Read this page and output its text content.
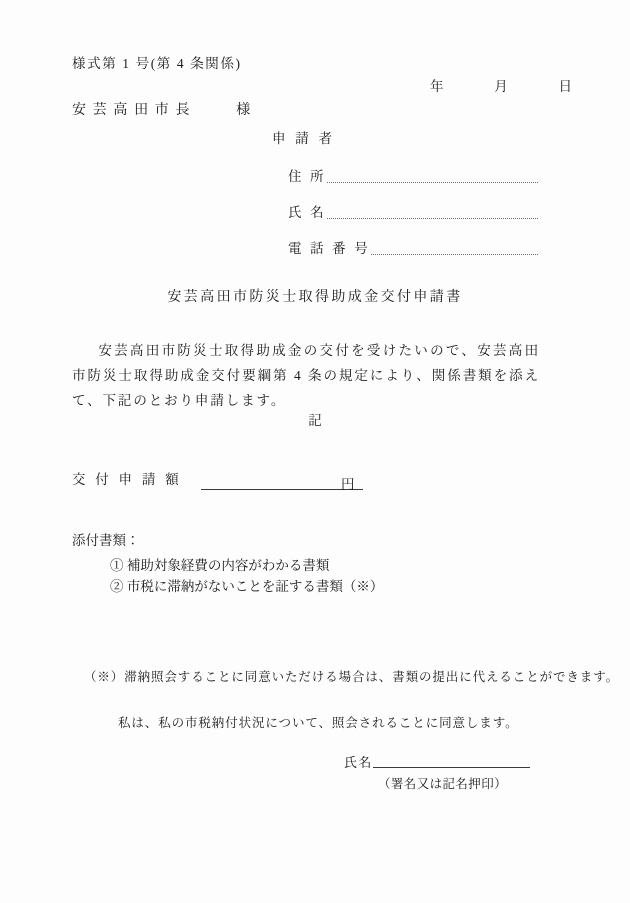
様式第 1 号(第 4 条関係)
年	月	日
安 芸 高 田 市 長	様
申 請 者
住 所
氏 名
電 話 番 号
安芸高田市防災士取得助成金交付申請書
安芸高田市防災士取得助成金の交付を受けたいので、安芸高田市防災士取得助成金交付要綱第 4 条の規定により、関係書類を添えて、下記のとおり申請します。
記
交 付 申 請 額	円
添付書類：
① 補助対象経費の内容がわかる書類
② 市税に滞納がないことを証する書類（※）
（※）滞納照会することに同意いただける場合は、書類の提出に代えることができます。
私は、私の市税納付状況について、照会されることに同意します。
氏名
（署名又は記名押印）
